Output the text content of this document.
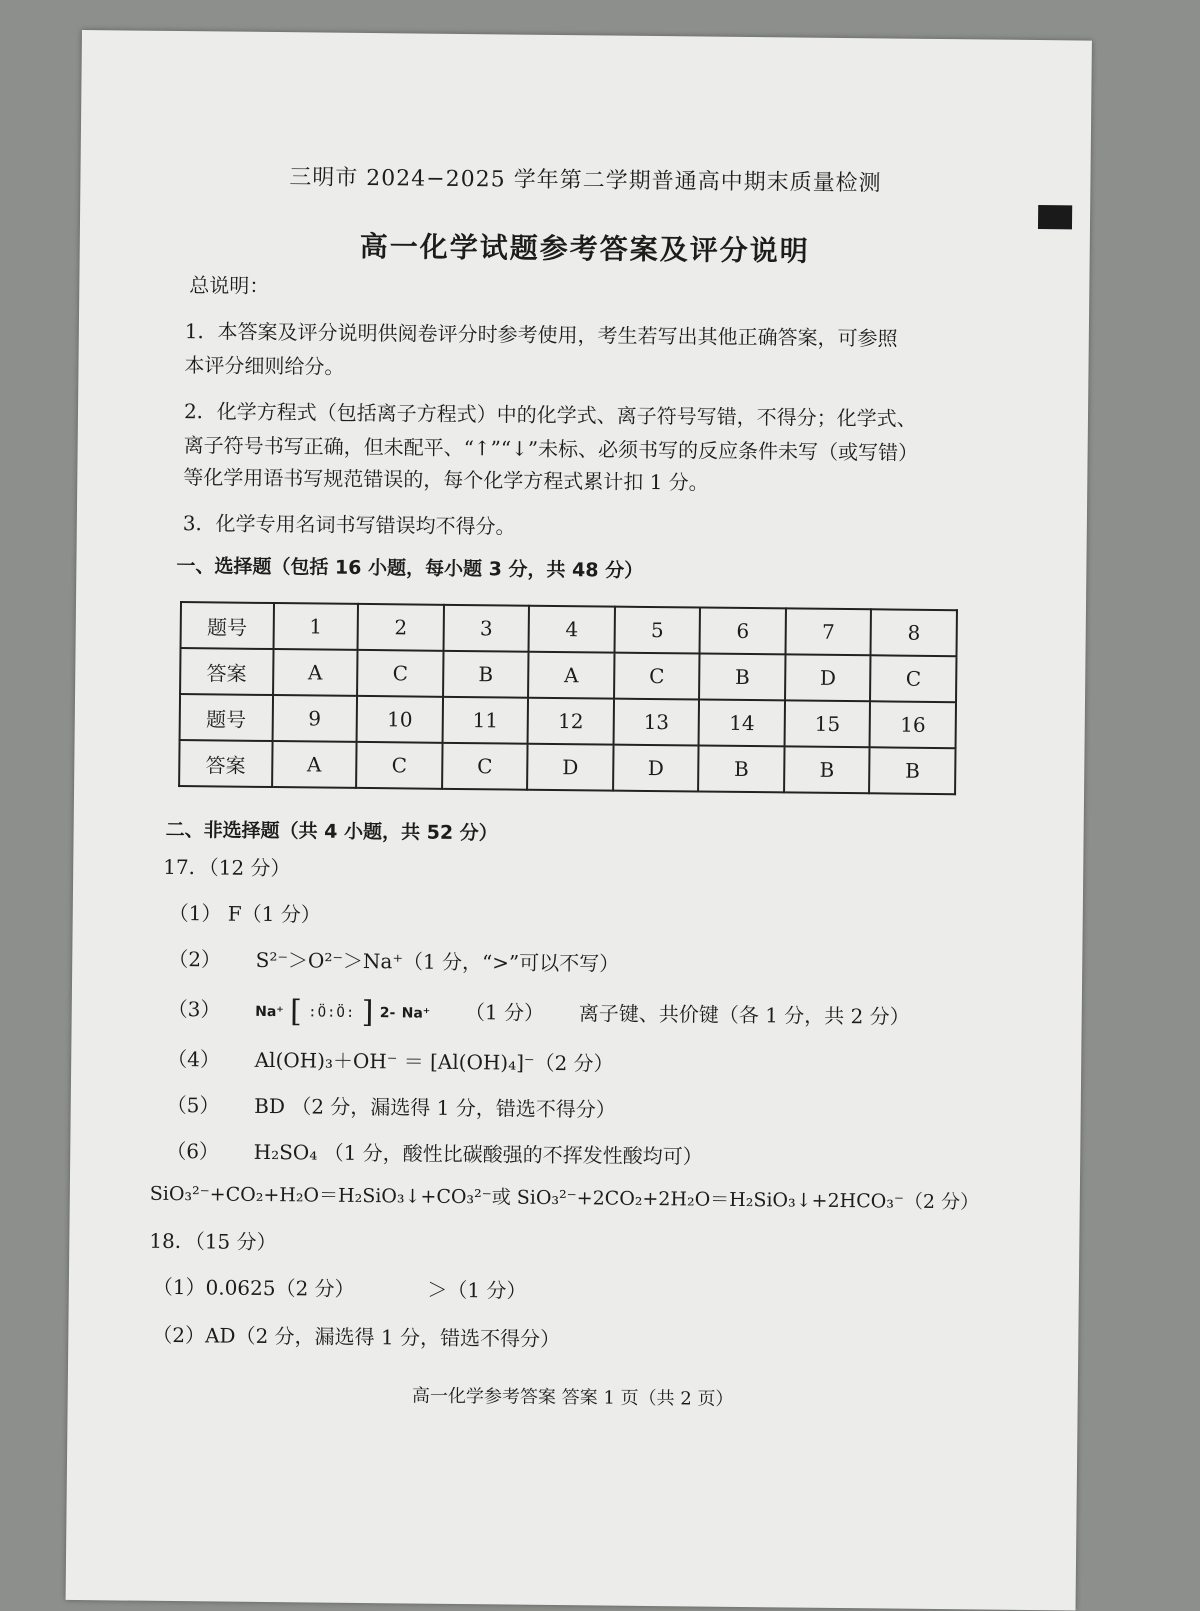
三明市 2024−2025 学年第二学期普通高中期末质量检测
高一化学试题参考答案及评分说明
总说明：
1．本答案及评分说明供阅卷评分时参考使用，考生若写出其他正确答案，可参照
本评分细则给分。
2．化学方程式（包括离子方程式）中的化学式、离子符号写错，不得分；化学式、
离子符号书写正确，但未配平、“↑”“↓”未标、必须书写的反应条件未写（或写错）
等化学用语书写规范错误的，每个化学方程式累计扣 1 分。
3．化学专用名词书写错误均不得分。
一、选择题（包括 16 小题，每小题 3 分，共 48 分）
题号	1	2	3	4	5	6	7	8
答案	A	C	B	A	C	B	D	C
题号	9	10	11	12	13	14	15	16
答案	A	C	C	D	D	B	B	B
二、非选择题（共 4 小题，共 52 分）
17．（12 分）
（1） F（1 分）
（2） S²⁻＞O²⁻＞Na⁺（1 分，“>”可以不写）
（3） Na⁺ [ :Ö:Ö: ] 2- Na⁺ （1 分） 离子键、共价键（各 1 分，共 2 分）
（4） Al(OH)₃＋OH⁻ ＝ [Al(OH)₄]⁻（2 分）
（5） BD （2 分，漏选得 1 分，错选不得分）
（6） H₂SO₄ （1 分，酸性比碳酸强的不挥发性酸均可）
SiO₃²⁻+CO₂+H₂O＝H₂SiO₃↓+CO₃²⁻或 SiO₃²⁻+2CO₂+2H₂O＝H₂SiO₃↓+2HCO₃⁻（2 分）
18．（15 分）
（1）0.0625（2 分）	＞（1 分）
（2）AD（2 分，漏选得 1 分，错选不得分）
高一化学参考答案 答案 1 页（共 2 页）
